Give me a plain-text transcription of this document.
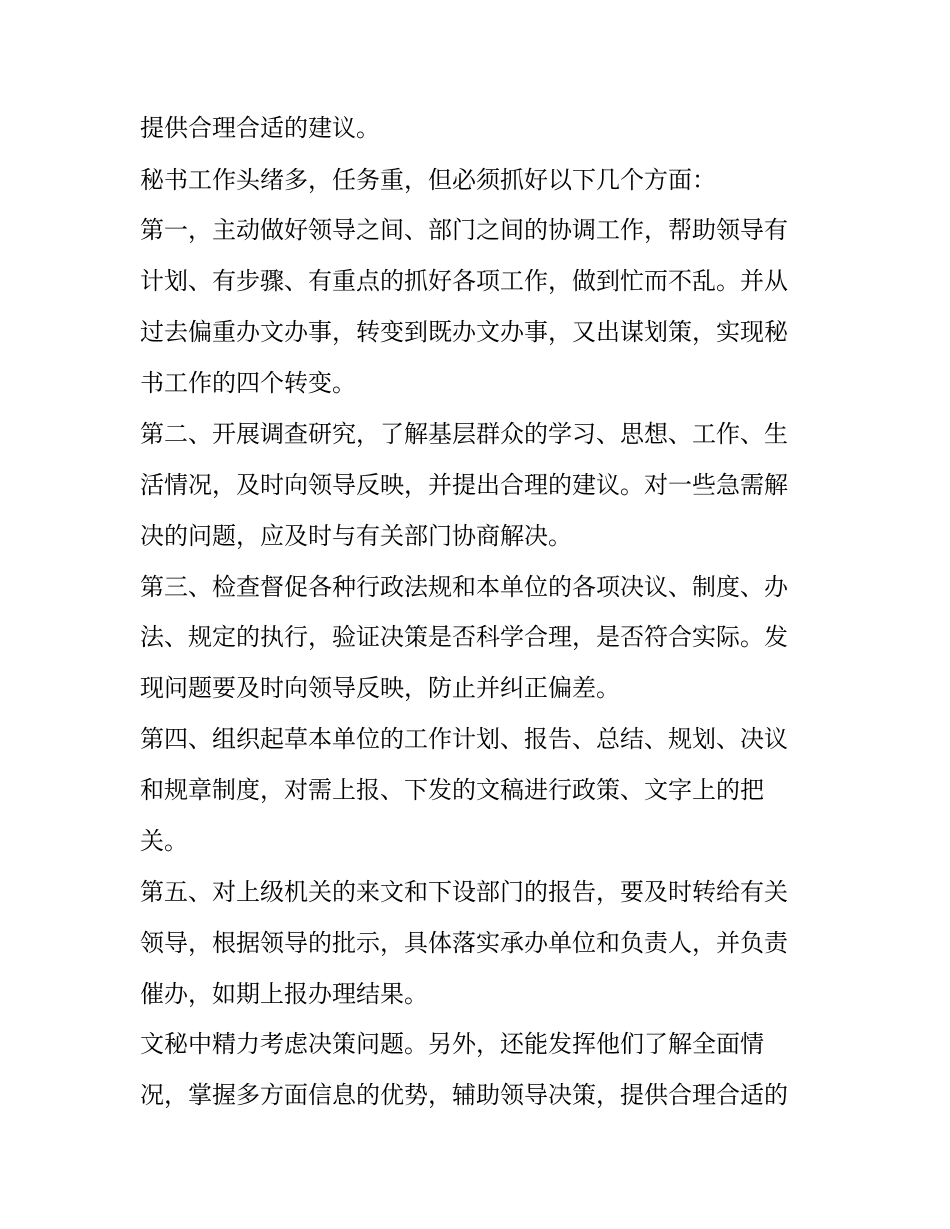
提供合理合适的建议。
秘书工作头绪多，任务重，但必须抓好以下几个方面：
第一，主动做好领导之间、部门之间的协调工作，帮助领导有
计划、有步骤、有重点的抓好各项工作，做到忙而不乱。并从
过去偏重办文办事，转变到既办文办事，又出谋划策，实现秘
书工作的四个转变。
第二、开展调查研究，了解基层群众的学习、思想、工作、生
活情况，及时向领导反映，并提出合理的建议。对一些急需解
决的问题，应及时与有关部门协商解决。
第三、检查督促各种行政法规和本单位的各项决议、制度、办
法、规定的执行，验证决策是否科学合理，是否符合实际。发
现问题要及时向领导反映，防止并纠正偏差。
第四、组织起草本单位的工作计划、报告、总结、规划、决议
和规章制度，对需上报、下发的文稿进行政策、文字上的把
关。
第五、对上级机关的来文和下设部门的报告，要及时转给有关
领导，根据领导的批示，具体落实承办单位和负责人，并负责
催办，如期上报办理结果。
文秘中精力考虑决策问题。另外，还能发挥他们了解全面情
况，掌握多方面信息的优势，辅助领导决策，提供合理合适的
